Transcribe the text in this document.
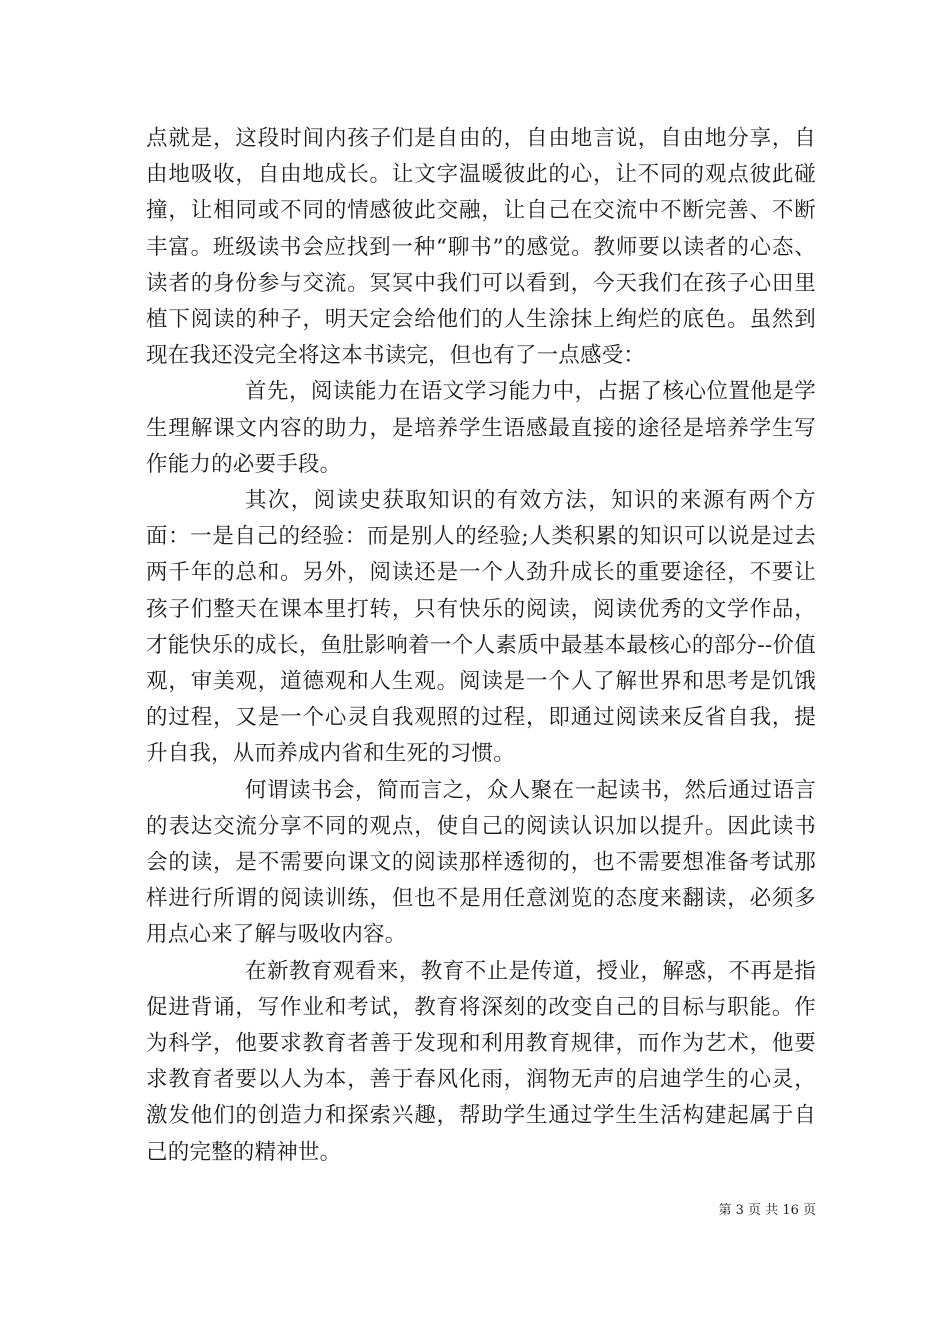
点就是，这段时间内孩子们是自由的，自由地言说，自由地分享，自由地吸收，自由地成长。让文字温暖彼此的心，让不同的观点彼此碰撞，让相同或不同的情感彼此交融，让自己在交流中不断完善、不断丰富。班级读书会应找到一种“聊书”的感觉。教师要以读者的心态、读者的身份参与交流。冥冥中我们可以看到，今天我们在孩子心田里植下阅读的种子，明天定会给他们的人生涂抹上绚烂的底色。虽然到现在我还没完全将这本书读完，但也有了一点感受：

首先，阅读能力在语文学习能力中，占据了核心位置他是学生理解课文内容的助力，是培养学生语感最直接的途径是培养学生写作能力的必要手段。

其次，阅读史获取知识的有效方法，知识的来源有两个方面：一是自己的经验：而是别人的经验;人类积累的知识可以说是过去两千年的总和。另外，阅读还是一个人劲升成长的重要途径，不要让孩子们整天在课本里打转，只有快乐的阅读，阅读优秀的文学作品，才能快乐的成长，鱼肚影响着一个人素质中最基本最核心的部分--价值观，审美观，道德观和人生观。阅读是一个人了解世界和思考是饥饿的过程，又是一个心灵自我观照的过程，即通过阅读来反省自我，提升自我，从而养成内省和生死的习惯。

何谓读书会，简而言之，众人聚在一起读书，然后通过语言的表达交流分享不同的观点，使自己的阅读认识加以提升。因此读书会的读，是不需要向课文的阅读那样透彻的，也不需要想准备考试那样进行所谓的阅读训练，但也不是用任意浏览的态度来翻读，必须多用点心来了解与吸收内容。

在新教育观看来，教育不止是传道，授业，解惑，不再是指促进背诵，写作业和考试，教育将深刻的改变自己的目标与职能。作为科学，他要求教育者善于发现和利用教育规律，而作为艺术，他要求教育者要以人为本，善于春风化雨，润物无声的启迪学生的心灵，激发他们的创造力和探索兴趣，帮助学生通过学生生活构建起属于自己的完整的精神世。

第 3 页 共 16 页
